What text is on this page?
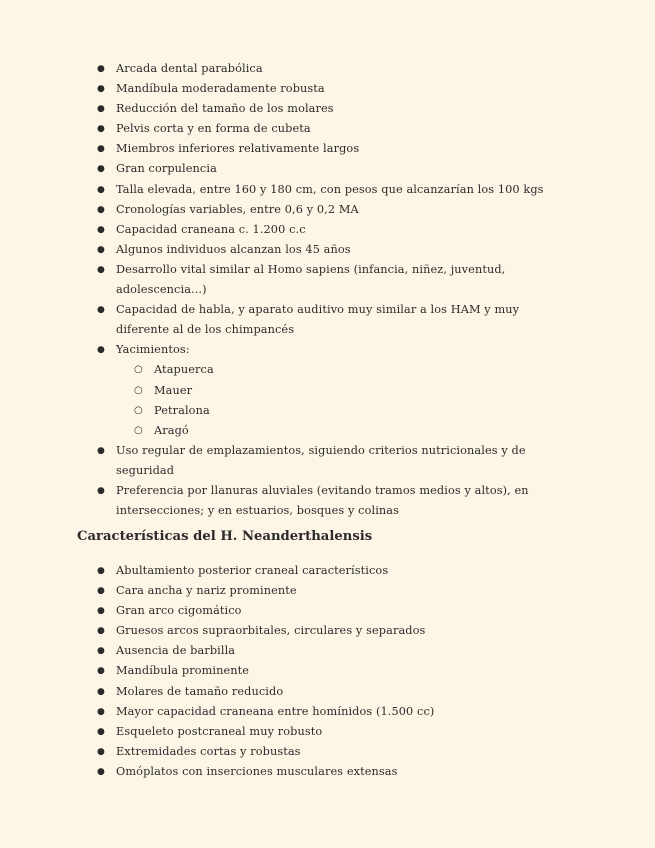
● Arcada dental parabólica
● Mandíbula moderadamente robusta
● Reducción del tamaño de los molares
● Pelvis corta y en forma de cubeta
● Miembros inferiores relativamente largos
● Gran corpulencia
● Talla elevada, entre 160 y 180 cm, con pesos que alcanzarían los 100 kgs
● Cronologías variables, entre 0,6 y 0,2 MA
● Capacidad craneana c. 1.200 c.c
● Algunos individuos alcanzan los 45 años
● Desarrollo vital similar al Homo sapiens (infancia, niñez, juventud, adolescencia...)
● Capacidad de habla, y aparato auditivo muy similar a los HAM y muy diferente al de los chimpancés
● Yacimientos:
○ Atapuerca
○ Mauer
○ Petralona
○ Aragó
● Uso regular de emplazamientos, siguiendo criterios nutricionales y de seguridad
● Preferencia por llanuras aluviales (evitando tramos medios y altos), en intersecciones; y en estuarios, bosques y colinas
Características del H. Neanderthalensis
● Abultamiento posterior craneal característicos
● Cara ancha y nariz prominente
● Gran arco cigomático
● Gruesos arcos supraorbitales, circulares y separados
● Ausencia de barbilla
● Mandíbula prominente
● Molares de tamaño reducido
● Mayor capacidad craneana entre homínidos (1.500 cc)
● Esqueleto postcraneal muy robusto
● Extremidades cortas y robustas
● Omóplatos con inserciones musculares extensas
